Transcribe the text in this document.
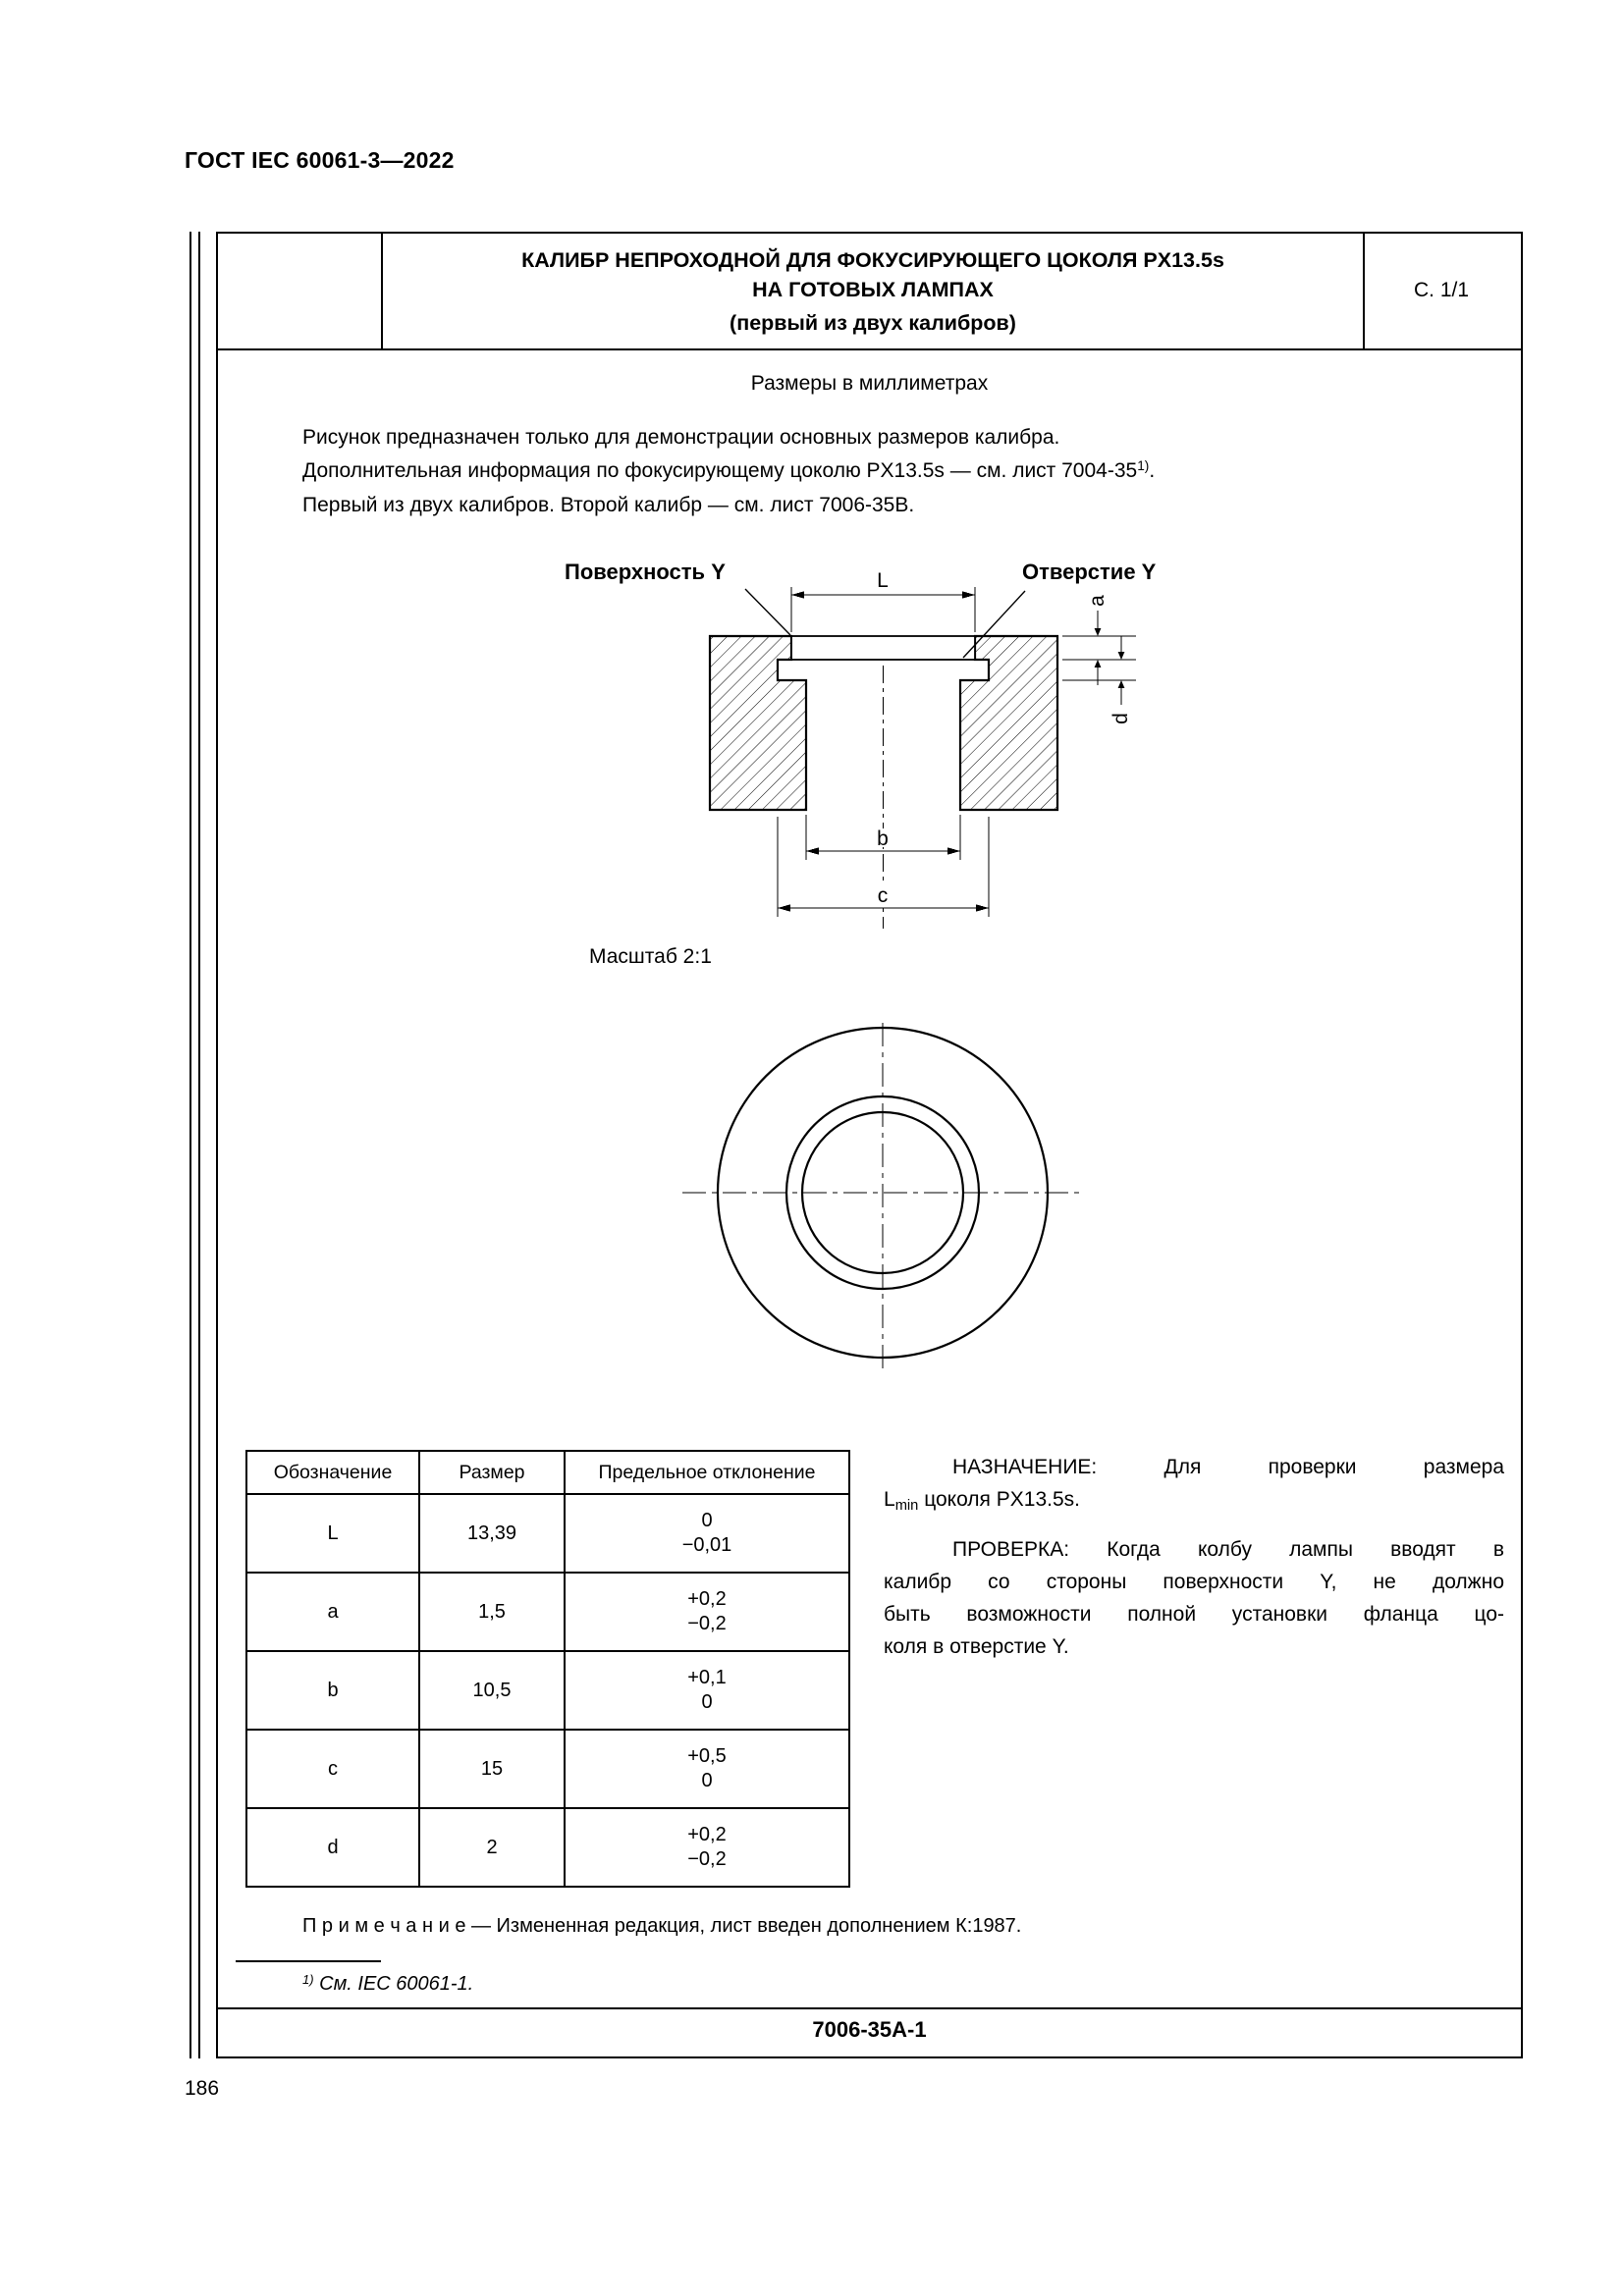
ГОСТ IEC 60061-3—2022
КАЛИБР НЕПРОХОДНОЙ ДЛЯ ФОКУСИРУЮЩЕГО ЦОКОЛЯ PX13.5s
НА ГОТОВЫХ ЛАМПАХ
(первый из двух калибров)
С. 1/1
Размеры в миллиметрах
Рисунок предназначен только для демонстрации основных размеров калибра.
Дополнительная информация по фокусирующему цоколю PX13.5s — см. лист 7004-35$^{1)}$.
Первый из двух калибров. Второй калибр — см. лист 7006-35B.
Поверхность Y	Отверстие Y
L
a
d
b
c
Масштаб 2:1
Обозначение	Размер	Предельное отклонение
L	13,39	0
−0,01

a	1,5	+0,2
−0,2

b	10,5	+0,1
0

c	15	+0,5
0

d	2	+0,2
−0,2
НАЗНАЧЕНИЕ: Для проверки размера
Lmin цоколя PX13.5s.
ПРОВЕРКА: Когда колбу лампы вводят в
калибр со стороны поверхности Y, не должно
быть возможности полной установки фланца цо-
коля в отверстие Y.
П р и м е ч а н и е — Измененная редакция, лист введен дополнением К:1987.
$^{1)}$ См. IEC 60061-1.
7006-35A-1
186
